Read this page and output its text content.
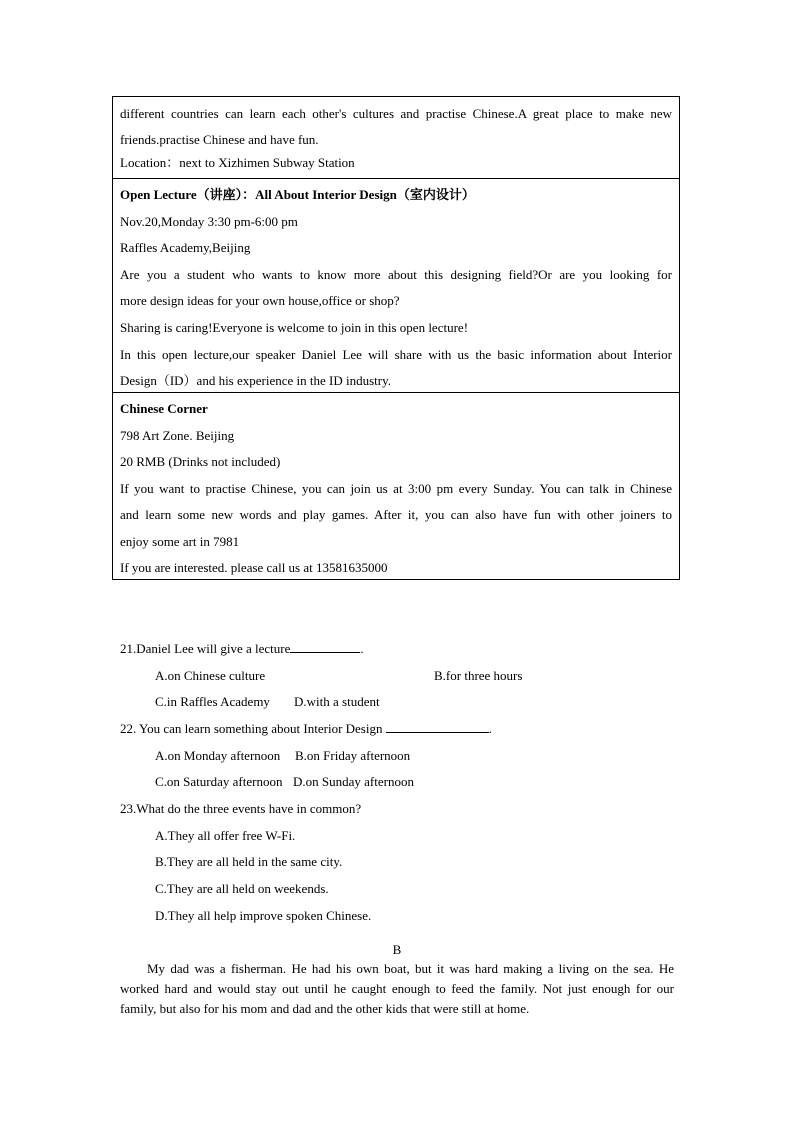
different countries can learn each other's cultures and practise Chinese.A great place to make new
friends.practise Chinese and have fun.
Location：next to Xizhimen Subway Station
Open Lecture（讲座）：All About Interior Design（室内设计）
Nov.20,Monday 3:30 pm-6:00 pm
Raffles Academy,Beijing
Are you a student who wants to know more about this designing field?Or are you looking for
more design ideas for your own house,office or shop?
Sharing is caring!Everyone is welcome to join in this open lecture!
In this open lecture,our speaker Daniel Lee will share with us the basic information about Interior
Design（ID）and his experience in the ID industry.
Chinese Corner
798 Art Zone. Beijing
20 RMB (Drinks not included)
If you want to practise Chinese, you can join us at 3:00 pm every Sunday. You can talk in Chinese
and learn some new words and play games. After it, you can also have fun with other joiners to
enjoy some art in 7981
If you are interested. please call us at 13581635000
21.Daniel Lee will give a lecture	.
A.on Chinese culture	B.for three hours
C.in Raffles Academy D.with a student
22. You can learn something about Interior Design	.
A.on Monday afternoon B.on Friday afternoon
C.on Saturday afternoon D.on Sunday afternoon
23.What do the three events have in common?
A.They all offer free W-Fi.
B.They are all held in the same city.
C.They are all held on weekends.
D.They all help improve spoken Chinese.
B
My dad was a fisherman. He had his own boat, but it was hard making a living on the sea. He
worked hard and would stay out until he caught enough to feed the family. Not just enough for our
family, but also for his mom and dad and the other kids that were still at home.
